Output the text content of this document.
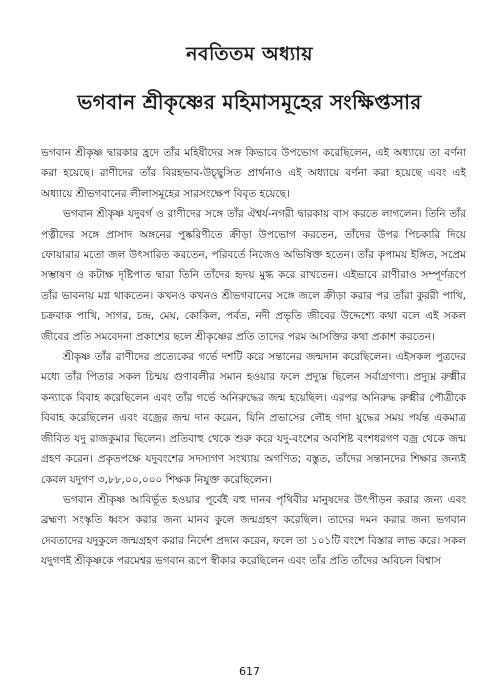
নবতিতম অধ্যায়
ভগবান শ্রীকৃষ্ণের মহিমাসমূহের সংক্ষিপ্তসার

ভগবান শ্রীকৃষ্ণ দ্বারকার হ্রদে তাঁর মহিষীদের সঙ্গ কিভাবে উপভোগ করেছিলেন, এই অধ্যায়ে তা বর্ণনা করা হয়েছে। রাণীদের তাঁর বিরহভাব-উচ্ছ্বসিত প্রার্থনাও এই অধ্যায়ে বর্ণনা করা হয়েছে এবং এই অধ্যায়ে শ্রীভগবানের লীলাসমূহের সারসংক্ষেপ বিবৃত হয়েছে।

ভগবান শ্রীকৃষ্ণ যদুবর্গ ও রাণীদের সঙ্গে তাঁর ঐশ্বর্য-নগরী দ্বারকায় বাস করতে লাগলেন। তিনি তাঁর পত্নীদের সঙ্গে প্রাসাদ অঙ্গনের পুষ্করিণীতে ক্রীড়া উপভোগ করতেন, তাঁদের উপর পিচকারি দিয়ে ফোয়ারার মতো জল উৎসারিত করতেন, পরিবর্তে নিজেও অভিষিক্ত হতেন। তাঁর কৃপাময় ইঙ্গিত, সপ্রেম সম্ভাষণ ও কটাক্ষ দৃষ্টিপাত দ্বারা তিনি তাঁদের হৃদয় মুগ্ধ করে রাখতেন। এইভাবে রাণীরাও সম্পূর্ণরূপে তাঁর ভাবনায় মগ্ন থাকতেন। কখনও কখনও শ্রীভগবানের সঙ্গে জলে ক্রীড়া করার পর তাঁরা কুররী পাখি, চক্রবাক পাখি, সাগর, চন্দ্র, মেঘ, কোকিল, পর্বত, নদী প্রভৃতি জীবের উদ্দেশ্যে কথা বলে এই সকল জীবের প্রতি সমবেদনা প্রকাশের ছলে শ্রীকৃষ্ণের প্রতি তাদের পরম আসক্তির কথা প্রকাশ করতেন।

শ্রীকৃষ্ণ তাঁর রাণীদের প্রত্যেকের গর্ভে দশটি করে সন্তানের জন্মদান করেছিলেন। এইসকল পুত্রদের মধ্যে তাঁর পিতার সকল চিন্ময় গুণাবলীর সমান হওয়ার ফলে প্রদ্যুম্ন ছিলেন সর্বাগ্রগণ্য। প্রদ্যুম্ন রুক্মীর কন্যাকে বিবাহ করেছিলেন এবং তাঁর গর্ভে অনিরুদ্ধের জন্ম হয়েছিল। এরপর অনিরুদ্ধ রুক্মীর পৌত্রীকে বিবাহ করেছিলেন এবং বজ্রের জন্ম দান করেন, যিনি প্রভাসের লৌহ গদা যুদ্ধের সময় পর্যন্ত একমাত্র জীবিত যদু রাজকুমার ছিলেন। প্রতিবাহু থেকে শুরু করে যদু-বংশের অবশিষ্ট বংশধরগণ বজ্র থেকে জন্ম গ্রহণ করেন। প্রকৃতপক্ষে যদুবংশের সদস্যগণ সংখ্যায় অগণিত; বস্তুত, তাঁদের সন্তানদের শিক্ষার জন্যই কেবল যদুগণ ৩,৮৮,০০,০০০ শিক্ষক নিযুক্ত করেছিলেন।

ভগবান শ্রীকৃষ্ণ আবির্ভূত হওয়ার পূর্বেই বহু দানব পৃথিবীর মানুষদের উৎপীড়ন করার জন্য এবং ব্রহ্মণ্য সংস্কৃতি ধ্বংস করার জন্য মানব কুলে জন্মগ্রহণ করেছিল। তাদের দমন করার জন্য ভগবান দেবতাদের যদুকুলে জন্মগ্রহণ করার নির্দেশ প্রদান করেন, ফলে তা ১০১টি বংশে বিস্তার লাভ করে। সকল যদুগণই শ্রীকৃষ্ণকে পরমেশ্বর ভগবান রূপে স্বীকার করেছিলেন এবং তাঁর প্রতি তাঁদের অবিচল বিশ্বাস

617
